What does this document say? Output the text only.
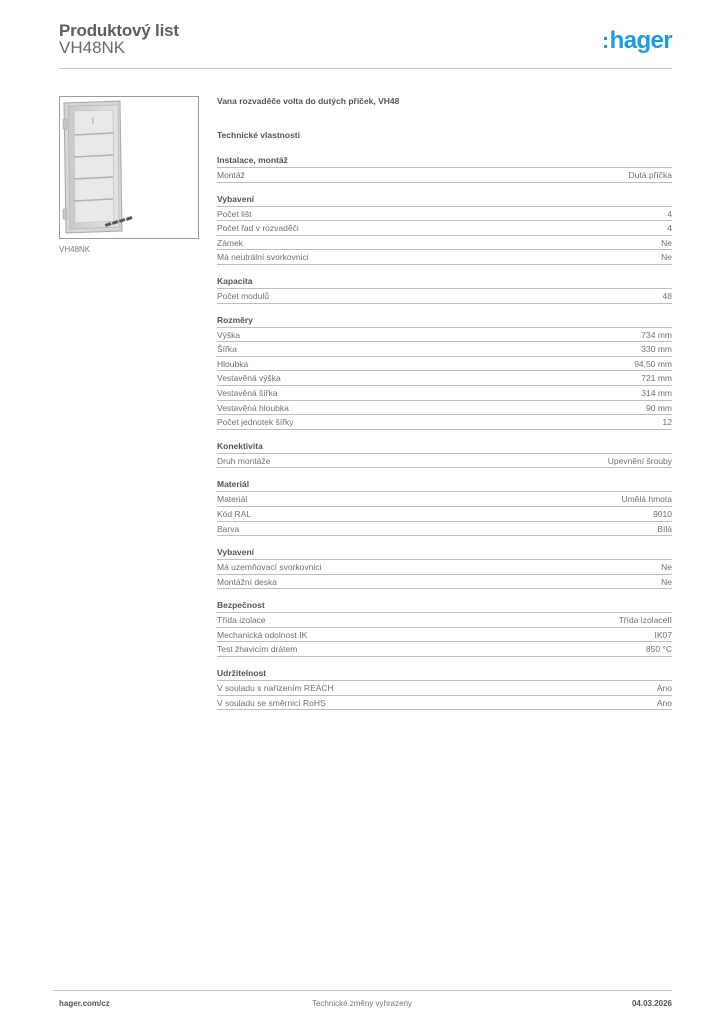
Produktový list
VH48NK	:hager
VH48NK
Vana rozvaděče volta do dutých příček, VH48
Technické vlastnosti
Instalace, montáž
Montáž	Dutá příčka
Vybavení
Počet lišt	4
Počet řad v rozvaděči	4
Zámek	Ne
Má neutrální svorkovnici	Ne
Kapacita
Počet modulů	48
Rozměry
Výška	734 mm
Šířka	330 mm
Hloubka	94,50 mm
Vestavěná výška	721 mm
Vestavěná šířka	314 mm
Vestavěná hloubka	90 mm
Počet jednotek šířky	12
Konektivita
Druh montáže	Upevnění šrouby
Materiál
Materiál	Umělá hmota
Kód RAL	9010
Barva	Bílá
Vybavení
Má uzemňovací svorkovnici	Ne
Montážní deska	Ne
Bezpečnost
Třída izolace	Třída izolaceII
Mechanická odolnost IK	IK07
Test žhavicím drátem	850 °C
Udržitelnost
V souladu s nařízením REACH	Ano
V souladu se směrnicí RoHS	Ano
hager.com/cz	Technické změny vyhrazeny	04.03.2026
